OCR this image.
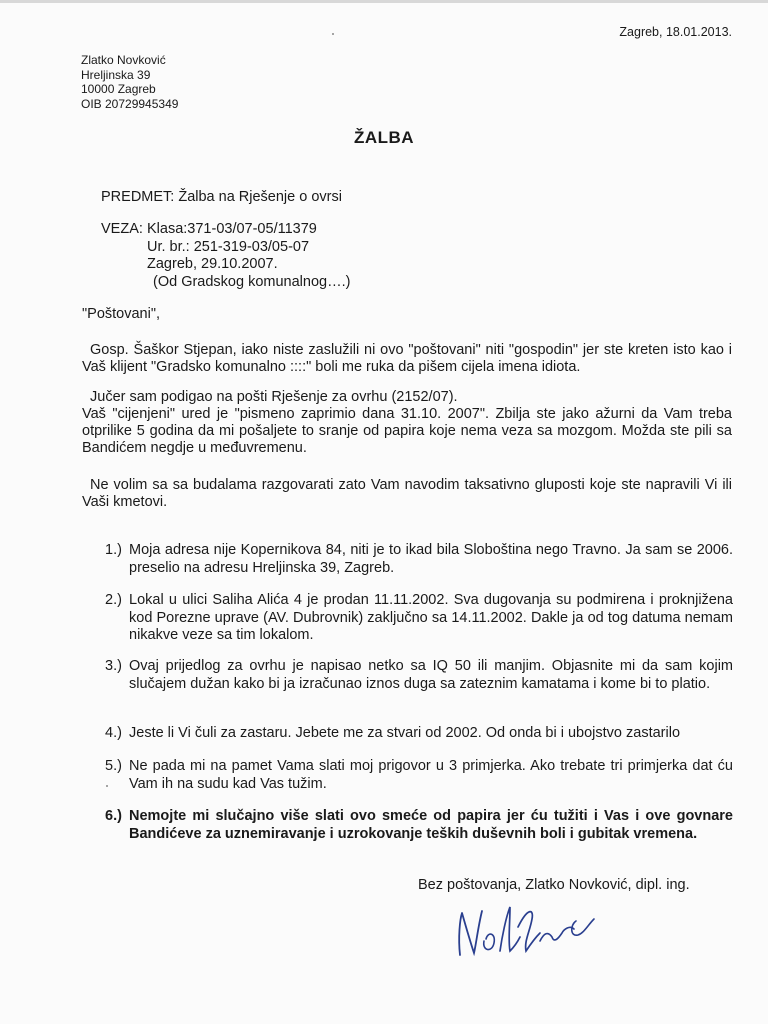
Zagreb, 18.01.2013.
Zlatko Novković
Hreljinska 39
10000 Zagreb
OIB 20729945349
ŽALBA
PREDMET: Žalba na Rješenje o ovrsi
VEZA: Klasa:371-03/07-05/11379
Ur. br.: 251-319-03/05-07
Zagreb, 29.10.2007.
(Od Gradskog komunalnog….)
"Poštovani",
Gosp. Šaškor Stjepan, iako niste zaslužili ni ovo "poštovani" niti "gospodin" jer ste kreten isto kao i Vaš klijent "Gradsko komunalno ::::" boli me ruka da pišem cijela imena idiota.
Jučer sam podigao na pošti Rješenje za ovrhu (2152/07).
Vaš "cijenjeni" ured je "pismeno zaprimio dana 31.10. 2007". Zbilja ste jako ažurni da Vam treba otprilike 5 godina da mi pošaljete to sranje od papira koje nema veza sa mozgom. Možda ste pili sa Bandićem negdje u međuvremenu.
Ne volim sa sa budalama razgovarati zato Vam navodim taksativno gluposti koje ste napravili Vi ili Vaši kmetovi.
1.) Moja adresa nije Kopernikova 84, niti je to ikad bila Sloboština nego Travno. Ja sam se 2006. preselio na adresu Hreljinska 39, Zagreb.
2.) Lokal u ulici Saliha Alića 4 je prodan 11.11.2002. Sva dugovanja su podmirena i proknjižena kod Porezne uprave (AV. Dubrovnik) zaključno sa 14.11.2002. Dakle ja od tog datuma nemam nikakve veze sa tim lokalom.
3.) Ovaj prijedlog za ovrhu je napisao netko sa IQ 50 ili manjim. Objasnite mi da sam kojim slučajem dužan kako bi ja izračunao iznos duga sa zateznim kamatama i kome bi to platio.
4.) Jeste li Vi čuli za zastaru. Jebete me za stvari od 2002. Od onda bi i ubojstvo zastarilo
5.) Ne pada mi na pamet Vama slati moj prigovor u 3 primjerka. Ako trebate tri primjerka dat ću Vam ih na sudu kad Vas tužim.
6.) Nemojte mi slučajno više slati ovo smeće od papira jer ću tužiti i Vas i ove govnare Bandićeve za uznemiravanje i uzrokovanje teških duševnih boli i gubitak vremena.
Bez poštovanja, Zlatko Novković, dipl. ing.
